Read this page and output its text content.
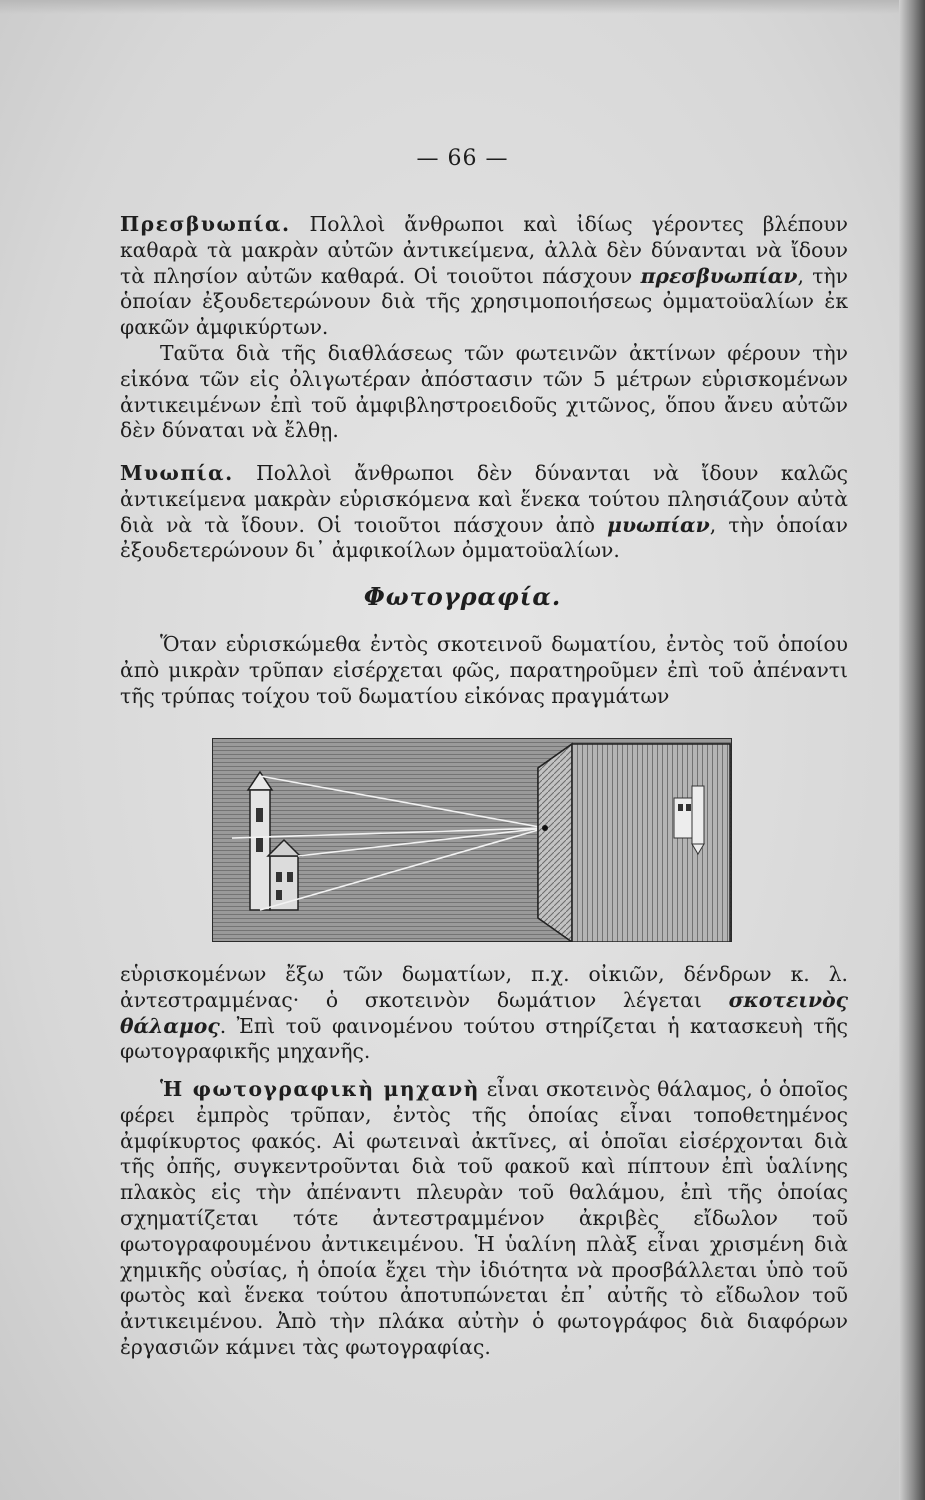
— 66 —

Πρεσβυωπία. Πολλοὶ ἄνθρωποι καὶ ἰδίως γέροντες βλέπουν καθαρὰ τὰ μακρὰν αὐτῶν ἀντικείμενα, ἀλλὰ δὲν δύνανται νὰ ἴδουν τὰ πλησίον αὐτῶν καθαρά. Οἱ τοιοῦτοι πάσχουν πρεσβυωπίαν, τὴν ὁποίαν ἐξουδετερώνουν διὰ τῆς χρησιμοποιήσεως ὀμματοϋαλίων ἐκ φακῶν ἀμφικύρτων.

Ταῦτα διὰ τῆς διαθλάσεως τῶν φωτεινῶν ἀκτίνων φέρουν τὴν εἰκόνα τῶν εἰς ὀλιγωτέραν ἀπόστασιν τῶν 5 μέτρων εὑρισκομένων ἀντικειμένων ἐπὶ τοῦ ἀμφιβληστροειδοῦς χιτῶνος, ὅπου ἄνευ αὐτῶν δὲν δύναται νὰ ἔλθῃ.

Μυωπία. Πολλοὶ ἄνθρωποι δὲν δύνανται νὰ ἴδουν καλῶς ἀντικείμενα μακρὰν εὑρισκόμενα καὶ ἕνεκα τούτου πλησιάζουν αὐτὰ διὰ νὰ τὰ ἴδουν. Οἱ τοιοῦτοι πάσχουν ἀπὸ μυωπίαν, τὴν ὁποίαν ἐξουδετερώνουν δι᾿ ἀμφικοίλων ὀμματοϋαλίων.

Φωτογραφία.

Ὅταν εὑρισκώμεθα ἐντὸς σκοτεινοῦ δωματίου, ἐντὸς τοῦ ὁποίου ἀπὸ μικρὰν τρῦπαν εἰσέρχεται φῶς, παρατηροῦμεν ἐπὶ τοῦ ἀπέναντι τῆς τρύπας τοίχου τοῦ δωματίου εἰκόνας πραγμάτων

εὑρισκομένων ἔξω τῶν δωματίων, π.χ. οἰκιῶν, δένδρων κ. λ. ἀντεστραμμένας· ὁ σκοτεινὸν δωμάτιον λέγεται σκοτεινὸς θάλαμος. Ἐπὶ τοῦ φαινομένου τούτου στηρίζεται ἡ κατασκευὴ τῆς φωτογραφικῆς μηχανῆς.

Ἡ φωτογραφικὴ μηχανὴ εἶναι σκοτεινὸς θάλαμος, ὁ ὁποῖος φέρει ἐμπρὸς τρῦπαν, ἐντὸς τῆς ὁποίας εἶναι τοποθετημένος ἀμφίκυρτος φακός. Αἱ φωτειναὶ ἀκτῖνες, αἱ ὁποῖαι εἰσέρχονται διὰ τῆς ὀπῆς, συγκεντροῦνται διὰ τοῦ φακοῦ καὶ πίπτουν ἐπὶ ὑαλίνης πλακὸς εἰς τὴν ἀπέναντι πλευρὰν τοῦ θαλάμου, ἐπὶ τῆς ὁποίας σχηματίζεται τότε ἀντεστραμμένον ἀκριβὲς εἴδωλον τοῦ φωτογραφουμένου ἀντικειμένου. Ἡ ὑαλίνη πλὰξ εἶναι χρισμένη διὰ χημικῆς οὐσίας, ἡ ὁποία ἔχει τὴν ἰδιότητα νὰ προσβάλλεται ὑπὸ τοῦ φωτὸς καὶ ἕνεκα τούτου ἀποτυπώνεται ἐπ᾿ αὐτῆς τὸ εἴδωλον τοῦ ἀντικειμένου. Ἀπὸ τὴν πλάκα αὐτὴν ὁ φωτογράφος διὰ διαφόρων ἐργασιῶν κάμνει τὰς φωτογραφίας.
